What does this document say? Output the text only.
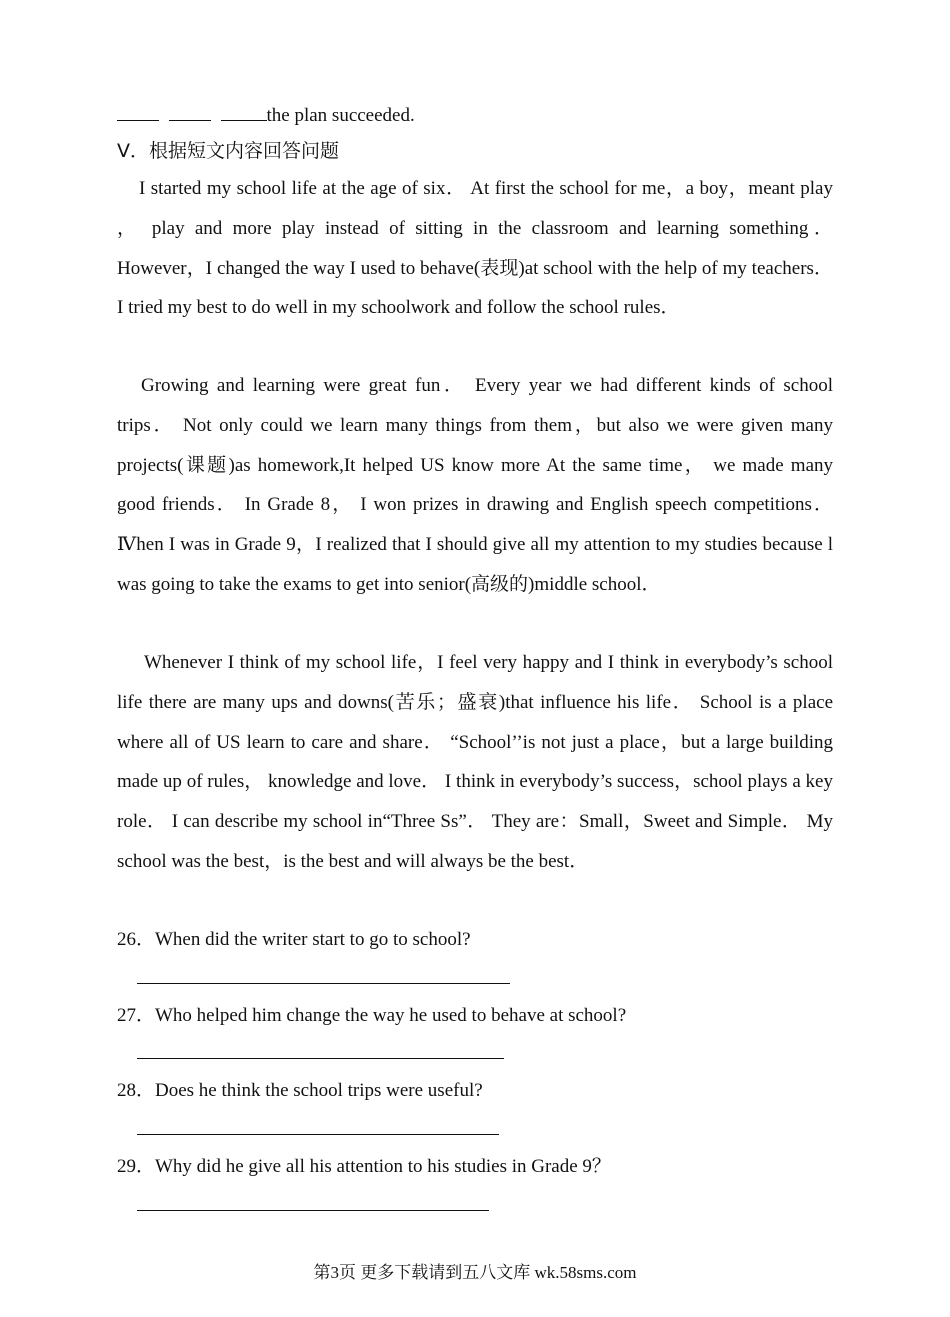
the plan succeeded.
V．根据短文内容回答问题
I started my school life at the age of six． At first the school for me，a boy，meant play ， play and more play instead of sitting in the classroom and learning something． However，I changed the way I used to behave(表现)at school with the help of my teachers． I tried my best to do well in my schoolwork and follow the school rules．
Growing and learning were great fun． Every year we had different kinds of school trips． Not only could we learn many things from them，but also we were given many projects(课题)as homework,It helped US know more At the same time， we made many good friends． In Grade 8， I won prizes in drawing and English speech competitions． Ⅳhen I was in Grade 9，I realized that I should give all my attention to my studies because l was going to take the exams to get into senior(高级的)middle school．
Whenever I think of my school life，I feel very happy and I think in everybody’s school life there are many ups and downs(苦乐；盛衰)that influence his life． School is a place where all of US learn to care and share． “School’’is not just a place，but a large building made up of rules， knowledge and love． I think in everybody’s success，school plays a key role． I can describe my school in“Three Ss”． They are：Small，Sweet and Simple． My school was the best，is the best and will always be the best．
26．When did the writer start to go to school?
27．Who helped him change the way he used to behave at school?
28．Does he think the school trips were useful?
29．Why did he give all his attention to his studies in Grade 9？
第3页 更多下载请到五八文库 wk.58sms.com
